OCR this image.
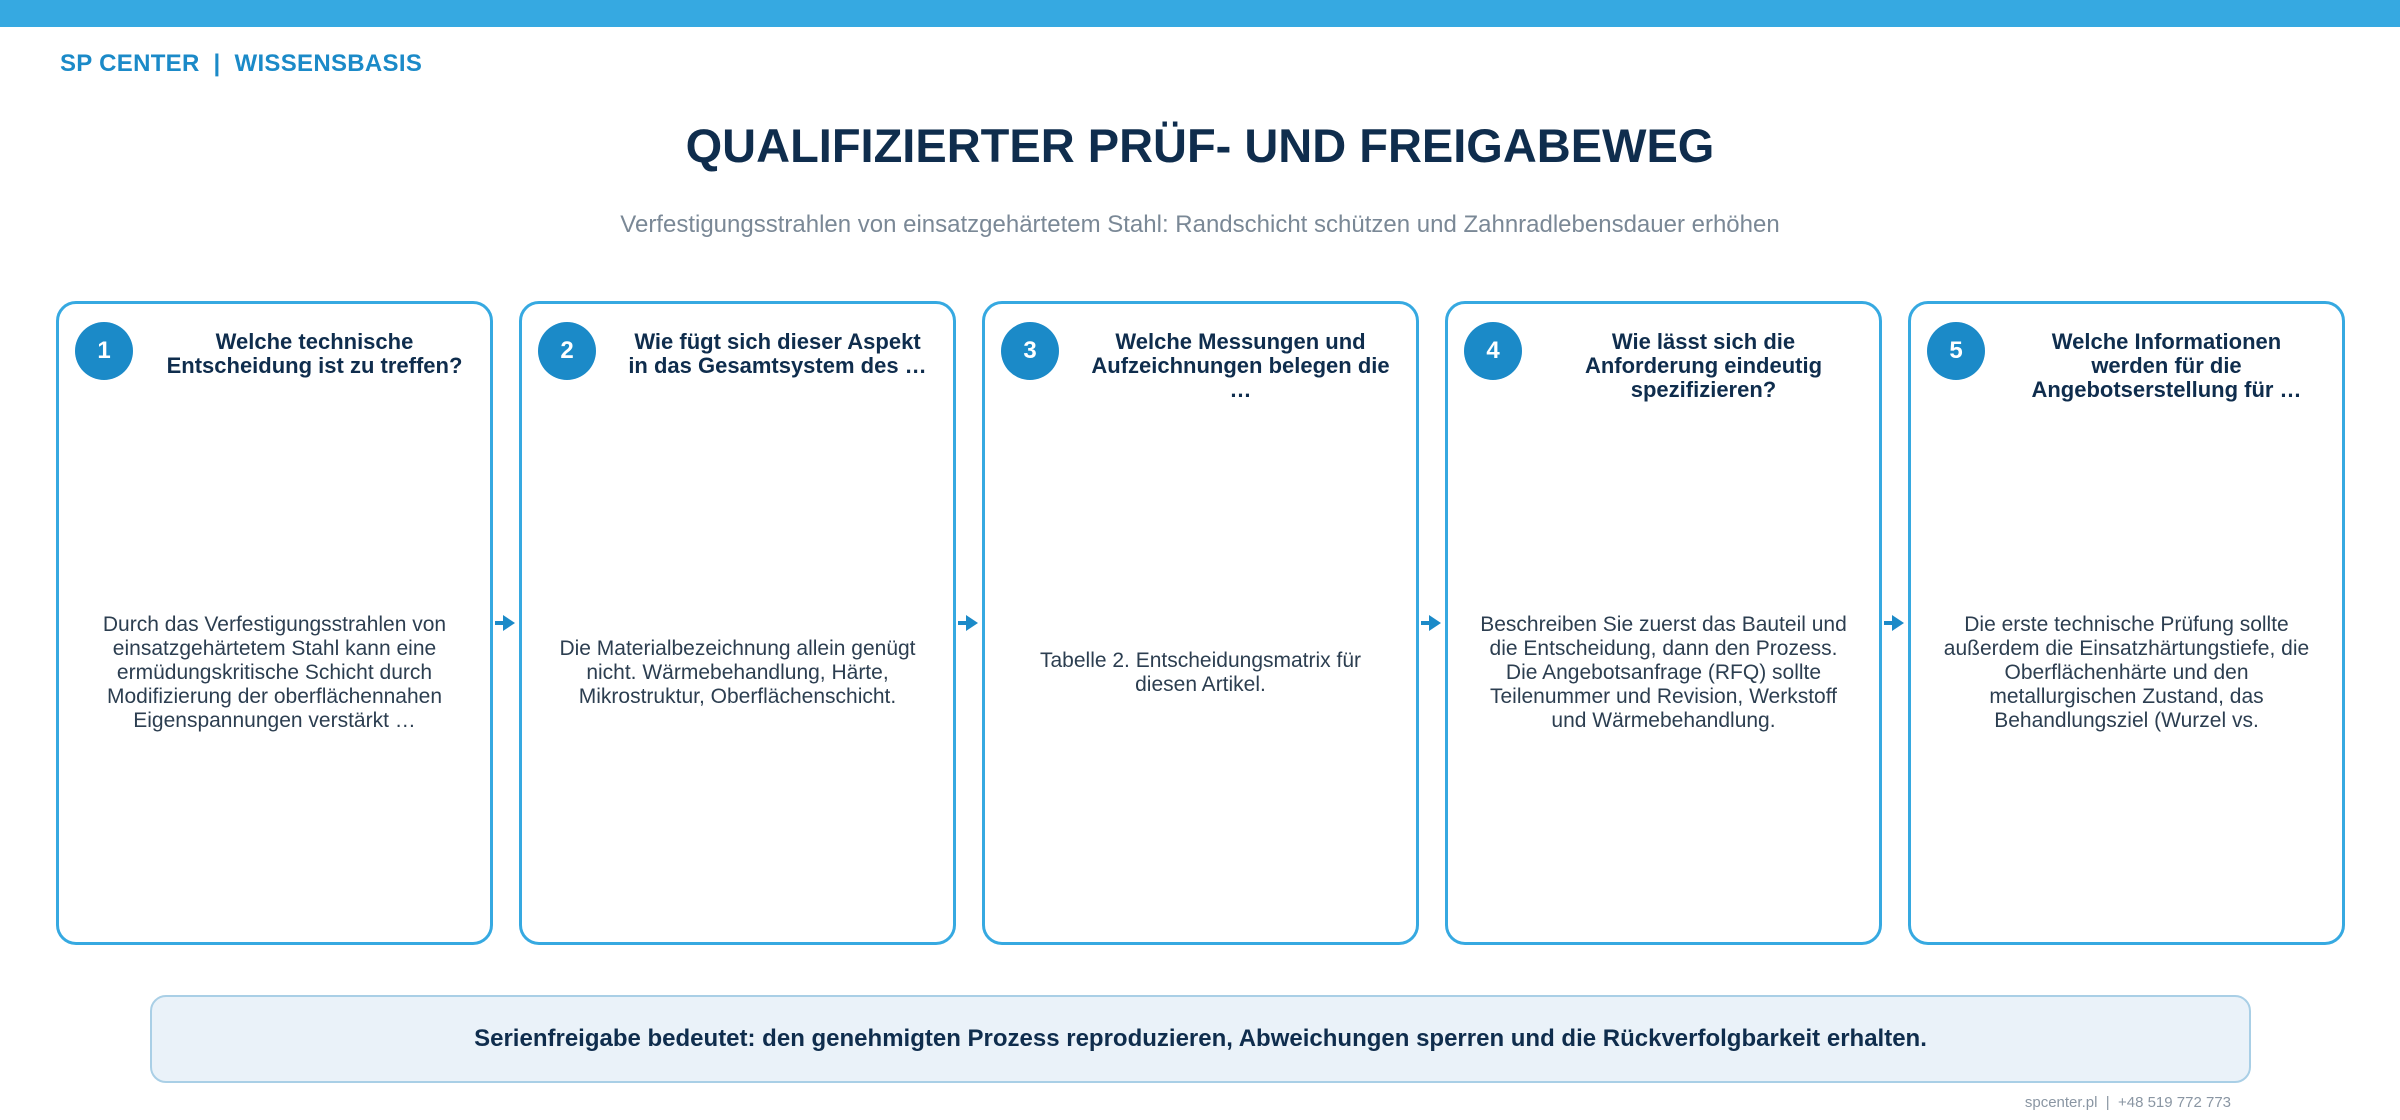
SP CENTER  |  WISSENSBASIS
QUALIFIZIERTER PRÜF- UND FREIGABEWEG
Verfestigungsstrahlen von einsatzgehärtetem Stahl: Randschicht schützen und Zahnradlebensdauer erhöhen
1	Welche technische Entscheidung ist zu treffen?
Durch das Verfestigungsstrahlen von einsatzgehärtetem Stahl kann eine ermüdungskritische Schicht durch Modifizierung der oberflächennahen Eigenspannungen verstärkt …
2	Wie fügt sich dieser Aspekt in das Gesamtsystem des …
Die Materialbezeichnung allein genügt nicht. Wärmebehandlung, Härte, Mikrostruktur, Oberflächenschicht.
3	Welche Messungen und Aufzeichnungen belegen die …
Tabelle 2. Entscheidungsmatrix für diesen Artikel.
4	Wie lässt sich die Anforderung eindeutig spezifizieren?
Beschreiben Sie zuerst das Bauteil und die Entscheidung, dann den Prozess. Die Angebotsanfrage (RFQ) sollte Teilenummer und Revision, Werkstoff und Wärmebehandlung.
5	Welche Informationen werden für die Angebotserstellung für …
Die erste technische Prüfung sollte außerdem die Einsatzhärtungstiefe, die Oberflächenhärte und den metallurgischen Zustand, das Behandlungsziel (Wurzel vs.
Serienfreigabe bedeutet: den genehmigten Prozess reproduzieren, Abweichungen sperren und die Rückverfolgbarkeit erhalten.
spcenter.pl  |  +48 519 772 773
